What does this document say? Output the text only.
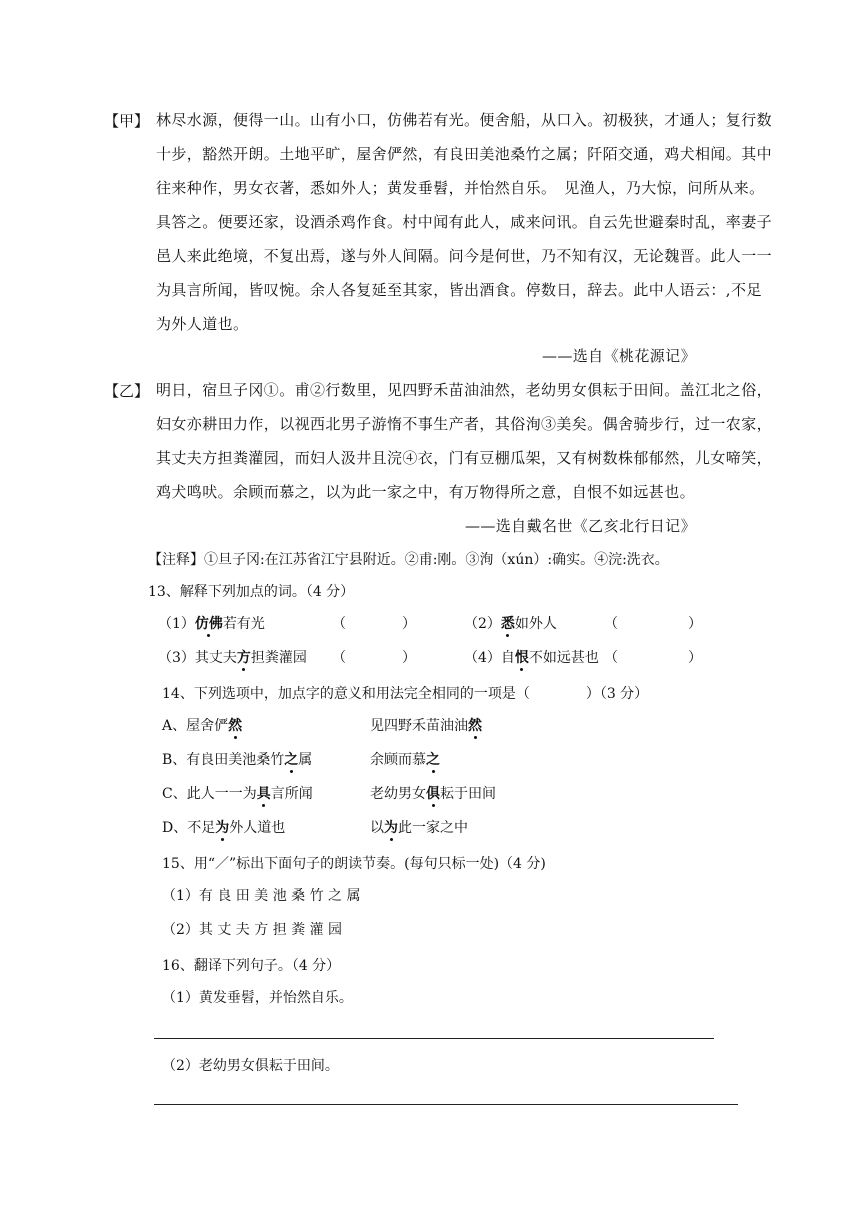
【甲】 林尽水源，便得一山。山有小口，仿佛若有光。便舍船，从口入。初极狭，才通人；复行数
十步，豁然开朗。土地平旷，屋舍俨然，有良田美池桑竹之属；阡陌交通，鸡犬相闻。其中
往来种作，男女衣著，悉如外人；黄发垂髫，并怡然自乐。　见渔人，乃大惊，问所从来。
具答之。便要还家，设酒杀鸡作食。村中闻有此人，咸来问讯。自云先世避秦时乱，率妻子
邑人来此绝境，不复出焉，遂与外人间隔。问今是何世，乃不知有汉，无论魏晋。此人一一
为具言所闻，皆叹惋。余人各复延至其家，皆出酒食。停数日，辞去。此中人语云：,不足
为外人道也。
——选自《桃花源记》
【乙】 明日，宿旦子冈①。甫②行数里，见四野禾苗油油然，老幼男女俱耘于田间。盖江北之俗，
妇女亦耕田力作，以视西北男子游惰不事生产者，其俗洵③美矣。偶舍骑步行，过一农家，
其丈夫方担粪灌园，而妇人汲井且浣④衣，门有豆棚瓜架，又有树数株郁郁然，儿女啼笑，
鸡犬鸣吠。余顾而慕之，以为此一家之中，有万物得所之意，自恨不如远甚也。
——选自戴名世《乙亥北行日记》
【注释】①旦子冈:在江苏省江宁县附近。②甫:刚。③洵（xún）:确实。④浣:洗衣。
13、解释下列加点的词。（4 分）
（1）仿佛若有光	（　　　　）	（2）悉如外人	（　　　　　）
（3）其丈夫方担粪灌园 （　　　　）	（4）自恨不如远甚也 （　　　　　）
14、下列选项中，加点字的意义和用法完全相同的一项是（　　　　）（3 分）
A、屋舍俨然	见四野禾苗油油然
B、有良田美池桑竹之属	余顾而慕之
C、此人一一为具言所闻	老幼男女俱耘于田间
D、不足为外人道也	以为此一家之中
15、用“／”标出下面句子的朗读节奏。(每句只标一处)（4 分)
（1）有 良 田 美 池 桑 竹 之 属
（2）其 丈 夫 方 担 粪 灌 园
16、翻译下列句子。（4 分）
（1）黄发垂髫，并怡然自乐。
（2）老幼男女俱耘于田间。
